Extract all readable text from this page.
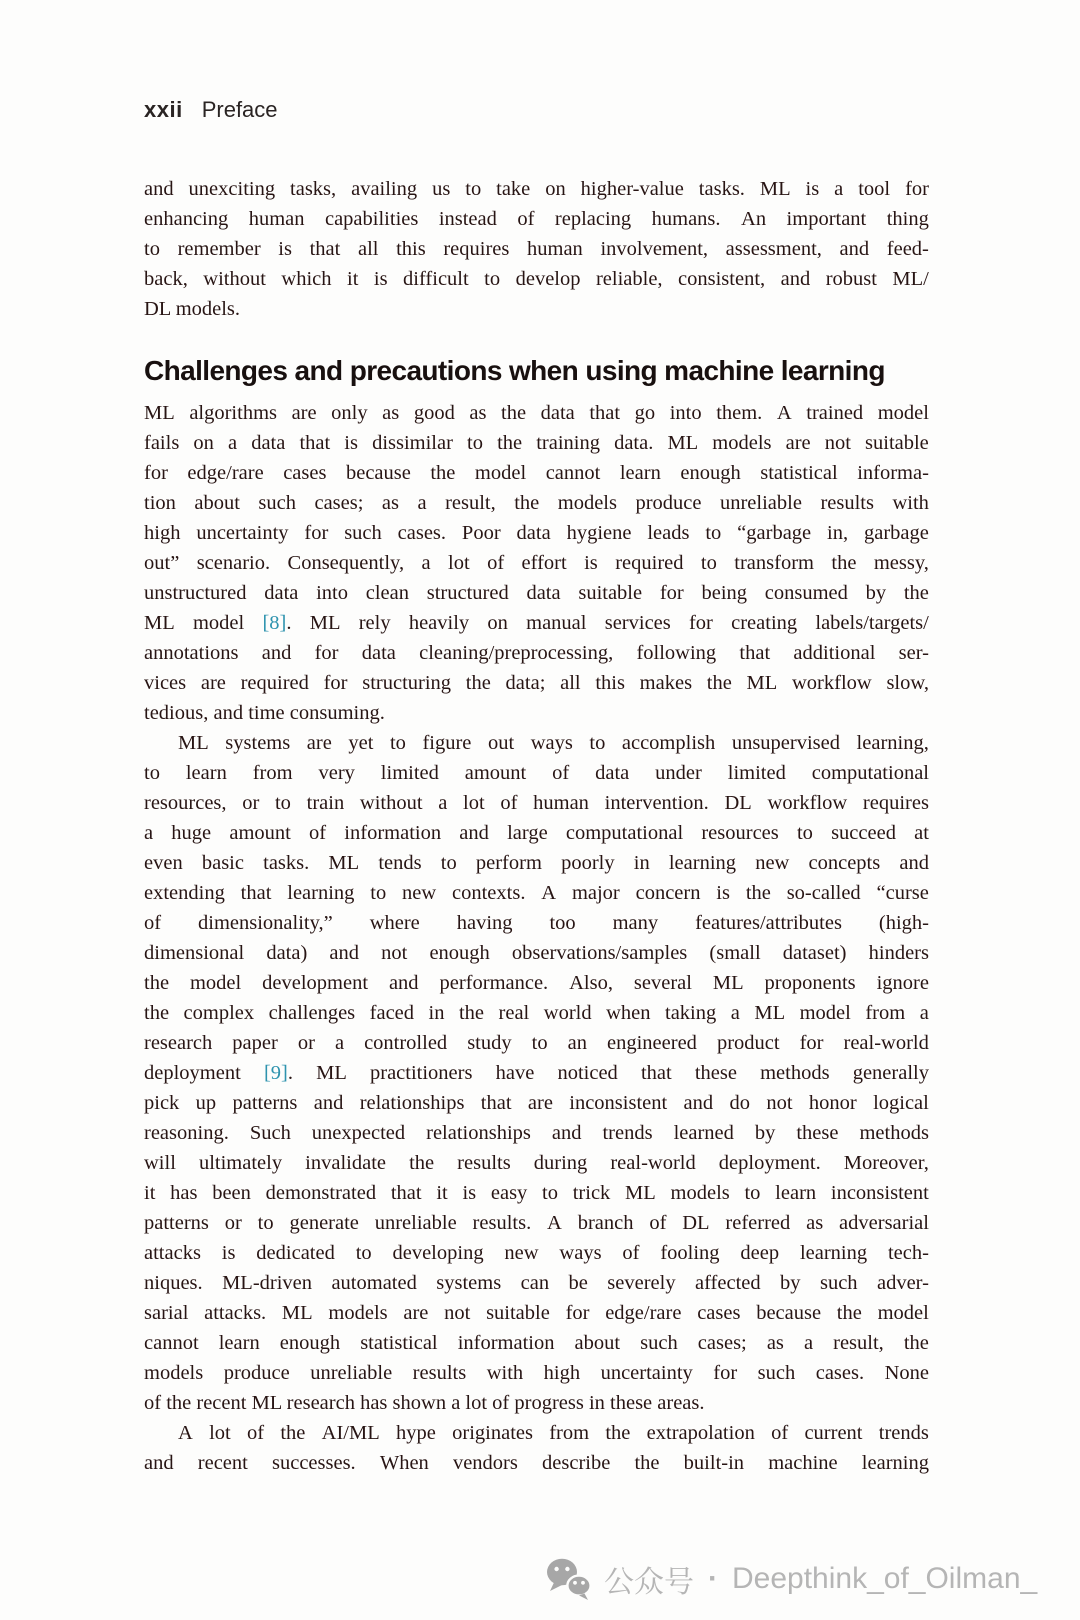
xxii Preface
and unexciting tasks, availing us to take on higher-value tasks. ML is a tool for
enhancing human capabilities instead of replacing humans. An important thing
to remember is that all this requires human involvement, assessment, and feed-
back, without which it is difficult to develop reliable, consistent, and robust ML/
DL models.
Challenges and precautions when using machine learning
ML algorithms are only as good as the data that go into them. A trained model
fails on a data that is dissimilar to the training data. ML models are not suitable
for edge/rare cases because the model cannot learn enough statistical informa-
tion about such cases; as a result, the models produce unreliable results with
high uncertainty for such cases. Poor data hygiene leads to “garbage in, garbage
out” scenario. Consequently, a lot of effort is required to transform the messy,
unstructured data into clean structured data suitable for being consumed by the
ML model [8]. ML rely heavily on manual services for creating labels/targets/
annotations and for data cleaning/preprocessing, following that additional ser-
vices are required for structuring the data; all this makes the ML workflow slow,
tedious, and time consuming.
ML systems are yet to figure out ways to accomplish unsupervised learning,
to learn from very limited amount of data under limited computational
resources, or to train without a lot of human intervention. DL workflow requires
a huge amount of information and large computational resources to succeed at
even basic tasks. ML tends to perform poorly in learning new concepts and
extending that learning to new contexts. A major concern is the so-called “curse
of dimensionality,” where having too many features/attributes (high-
dimensional data) and not enough observations/samples (small dataset) hinders
the model development and performance. Also, several ML proponents ignore
the complex challenges faced in the real world when taking a ML model from a
research paper or a controlled study to an engineered product for real-world
deployment [9]. ML practitioners have noticed that these methods generally
pick up patterns and relationships that are inconsistent and do not honor logical
reasoning. Such unexpected relationships and trends learned by these methods
will ultimately invalidate the results during real-world deployment. Moreover,
it has been demonstrated that it is easy to trick ML models to learn inconsistent
patterns or to generate unreliable results. A branch of DL referred as adversarial
attacks is dedicated to developing new ways of fooling deep learning tech-
niques. ML-driven automated systems can be severely affected by such adver-
sarial attacks. ML models are not suitable for edge/rare cases because the model
cannot learn enough statistical information about such cases; as a result, the
models produce unreliable results with high uncertainty for such cases. None
of the recent ML research has shown a lot of progress in these areas.
A lot of the AI/ML hype originates from the extrapolation of current trends
and recent successes. When vendors describe the built-in machine learning
公众号 · Deepthink_of_Oilman_
